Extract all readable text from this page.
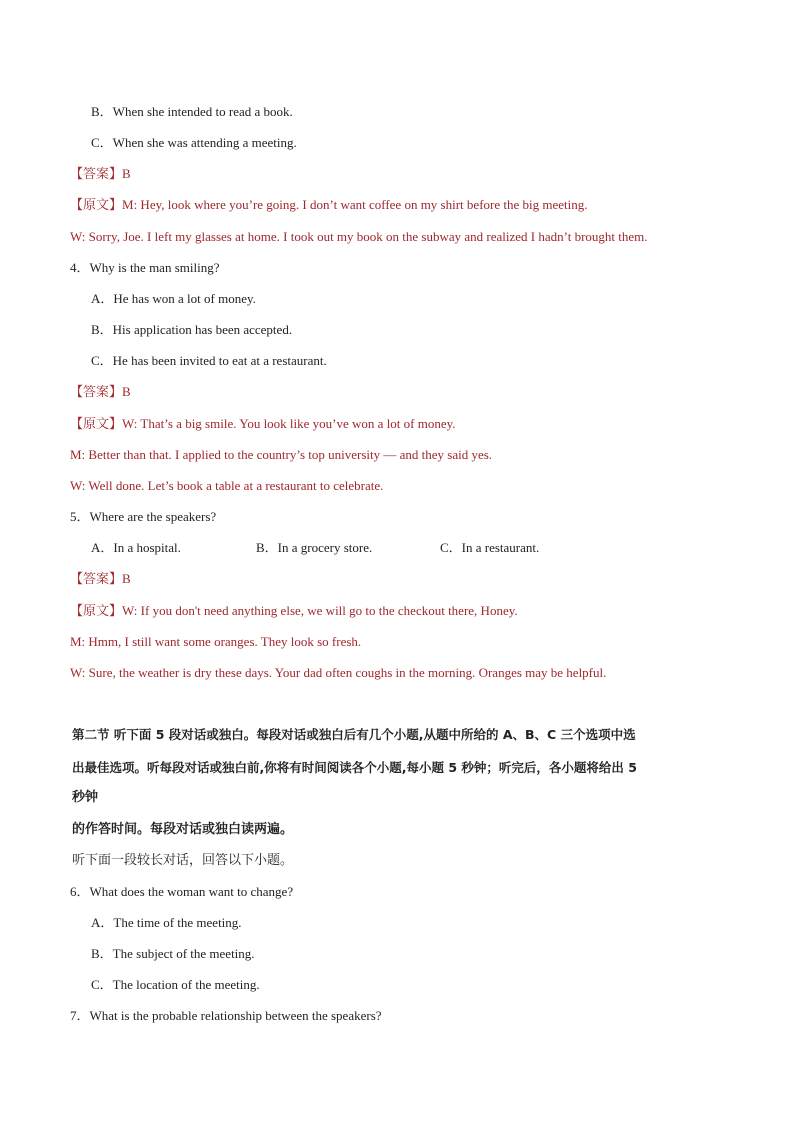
B．When she intended to read a book.
C．When she was attending a meeting.
【答案】B
【原文】M: Hey, look where you’re going. I don’t want coffee on my shirt before the big meeting.
W: Sorry, Joe. I left my glasses at home. I took out my book on the subway and realized I hadn’t brought them.
4．Why is the man smiling?
A．He has won a lot of money.
B．His application has been accepted.
C．He has been invited to eat at a restaurant.
【答案】B
【原文】W: That’s a big smile. You look like you’ve won a lot of money.
M: Better than that. I applied to the country’s top university — and they said yes.
W: Well done. Let’s book a table at a restaurant to celebrate.
5．Where are the speakers?
A．In a hospital.	B．In a grocery store.	C．In a restaurant.
【答案】B
【原文】W: If you don't need anything else, we will go to the checkout there, Honey.
M: Hmm, I still want some oranges. They look so fresh.
W: Sure, the weather is dry these days. Your dad often coughs in the morning. Oranges may be helpful.
第二节 听下面 5 段对话或独白。每段对话或独白后有几个小题,从题中所给的 A、B、C 三个选项中选
出最佳选项。听每段对话或独白前,你将有时间阅读各个小题,每小题 5 秒钟；听完后，各小题将给出 5
秒钟
的作答时间。每段对话或独白读两遍。
听下面一段较长对话，回答以下小题。
6．What does the woman want to change?
A．The time of the meeting.
B．The subject of the meeting.
C．The location of the meeting.
7．What is the probable relationship between the speakers?
